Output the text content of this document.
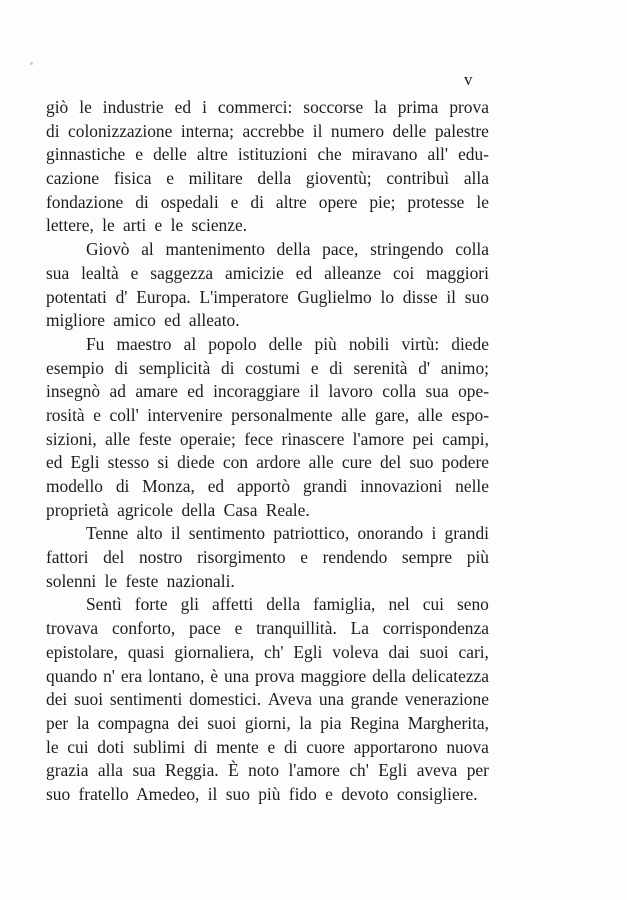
v
giò le industrie ed i commerci: soccorse la prima prova
di colonizzazione interna; accrebbe il numero delle palestre
ginnastiche e delle altre istituzioni che miravano all' edu-
cazione fisica e militare della gioventù; contribuì alla
fondazione di ospedali e di altre opere pie; protesse le
lettere, le arti e le scienze.
Giovò al mantenimento della pace, stringendo colla
sua lealtà e saggezza amicizie ed alleanze coi maggiori
potentati d' Europa. L'imperatore Guglielmo lo disse il suo
migliore amico ed alleato.
Fu maestro al popolo delle più nobili virtù: diede
esempio di semplicità di costumi e di serenità d' animo;
insegnò ad amare ed incoraggiare il lavoro colla sua ope-
rosità e coll' intervenire personalmente alle gare, alle espo-
sizioni, alle feste operaie; fece rinascere l'amore pei campi,
ed Egli stesso si diede con ardore alle cure del suo podere
modello di Monza, ed apportò grandi innovazioni nelle
proprietà agricole della Casa Reale.
Tenne alto il sentimento patriottico, onorando i grandi
fattori del nostro risorgimento e rendendo sempre più
solenni le feste nazionali.
Sentì forte gli affetti della famiglia, nel cui seno
trovava conforto, pace e tranquillità. La corrispondenza
epistolare, quasi giornaliera, ch' Egli voleva dai suoi cari,
quando n' era lontano, è una prova maggiore della delicatezza
dei suoi sentimenti domestici. Aveva una grande venerazione
per la compagna dei suoi giorni, la pia Regina Margherita,
le cui doti sublimi di mente e di cuore apportarono nuova
grazia alla sua Reggia. È noto l'amore ch' Egli aveva per
suo fratello Amedeo, il suo più fido e devoto consigliere.
